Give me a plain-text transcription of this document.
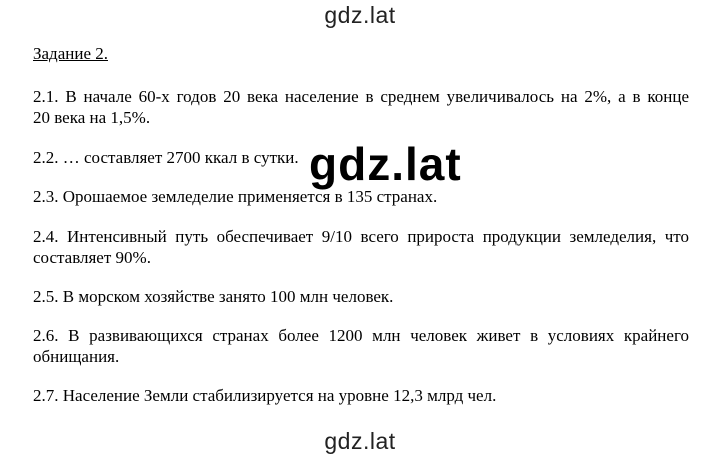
gdz.lat
Задание 2.
2.1. В начале 60-х годов 20 века население в среднем увеличивалось на 2%, а в конце
20 века на 1,5%.
2.2. … составляет 2700 ккал в сутки.
2.3. Орошаемое земледелие применяется в 135 странах.
2.4. Интенсивный путь обеспечивает 9/10 всего прироста продукции земледелия, что
составляет 90%.
2.5. В морском хозяйстве занято 100 млн человек.
2.6. В развивающихся странах более 1200 млн человек живет в условиях крайнего
обнищания.
2.7. Население Земли стабилизируется на уровне 12,3 млрд чел.
gdz.lat
gdz.lat
